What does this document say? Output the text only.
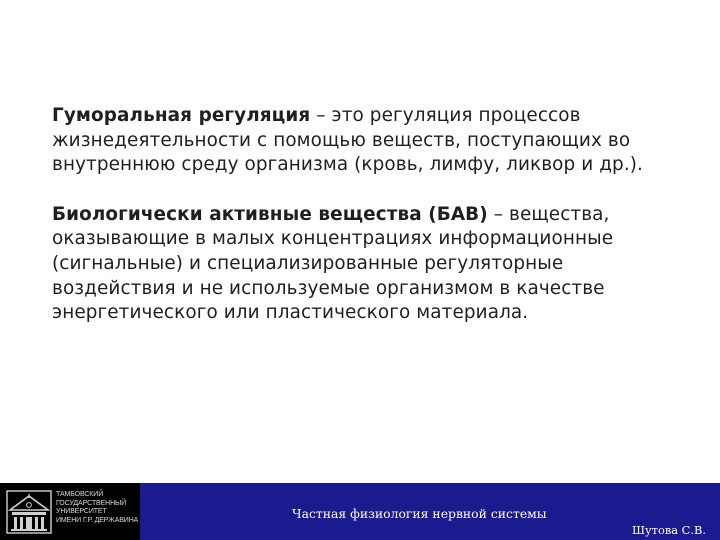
Гуморальная регуляция – это регуляция процессов жизнедеятельности с помощью веществ, поступающих во внутреннюю среду организма (кровь, лимфу, ликвор и др.).

Биологически активные вещества (БАВ) – вещества, оказывающие в малых концентрациях информационные (сигнальные) и специализированные регуляторные воздействия и не используемые организмом в качестве энергетического или пластического материала.

ТАМБОВСКИЙ
ГОСУДАРСТВЕННЫЙ
УНИВЕРСИТЕТ
ИМЕНИ Г.Р. ДЕРЖАВИНА	Частная физиология нервной системы
Шутова С.В.
